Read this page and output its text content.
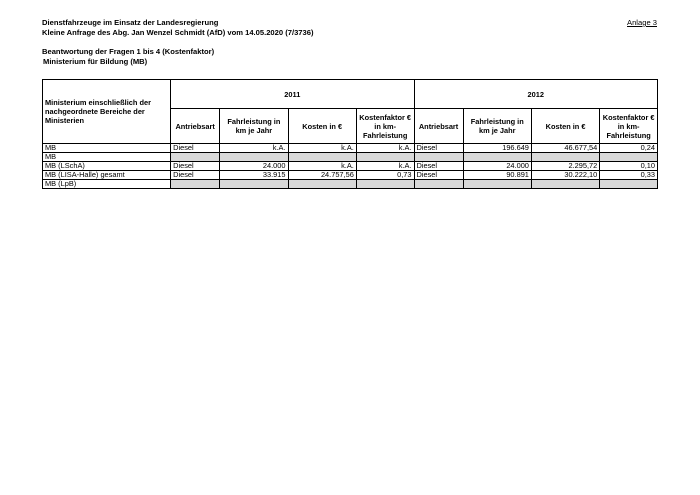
Dienstfahrzeuge im Einsatz der Landesregierung
Kleine Anfrage des Abg. Jan Wenzel Schmidt (AfD) vom 14.05.2020 (7/3736)
Beantwortung der Fragen 1 bis 4 (Kostenfaktor)
Ministerium für Bildung (MB)
Anlage 3
Ministerium einschließlich der nachgeordnete Bereiche der Ministerien	2011				2012			
	Antriebsart	Fahrleistung in km je Jahr	Kosten in €	Kostenfaktor € in km-Fahrleistung	Antriebsart	Fahrleistung in km je Jahr	Kosten in €	Kostenfaktor € in km-Fahrleistung
MB	Diesel	k.A.	k.A.	k.A.	Diesel	196.649	46.677,54	0,24
MB								
MB (LSchA)	Diesel	24.000	k.A.	k.A.	Diesel	24.000	2.295,72	0,10
MB (LISA-Halle) gesamt	Diesel	33.915	24.757,56	0,73	Diesel	90.891	30.222,10	0,33
MB (LpB)								
